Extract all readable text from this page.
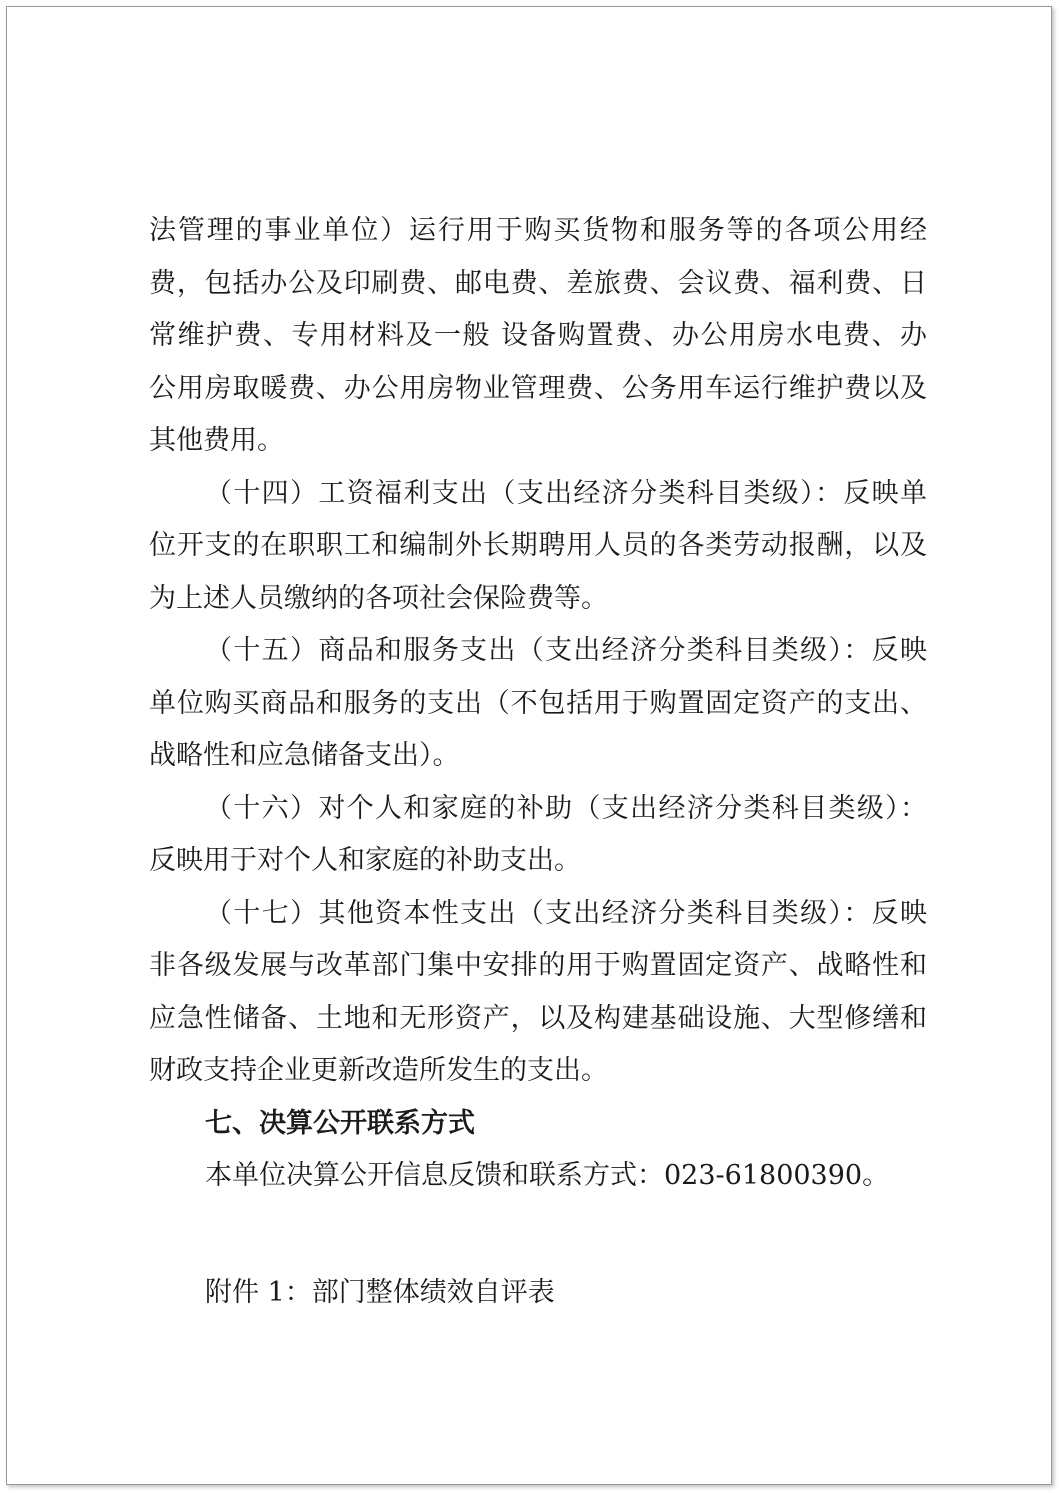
法管理的事业单位）运行用于购买货物和服务等的各项公用经
费，包括办公及印刷费、邮电费、差旅费、会议费、福利费、日
常维护费、专用材料及一般 设备购置费、办公用房水电费、办
公用房取暖费、办公用房物业管理费、公务用车运行维护费以及
其他费用。
（十四）工资福利支出（支出经济分类科目类级）：反映单
位开支的在职职工和编制外长期聘用人员的各类劳动报酬，以及
为上述人员缴纳的各项社会保险费等。
（十五）商品和服务支出（支出经济分类科目类级）：反映
单位购买商品和服务的支出（不包括用于购置固定资产的支出、
战略性和应急储备支出）。
（十六）对个人和家庭的补助（支出经济分类科目类级）：
反映用于对个人和家庭的补助支出。
（十七）其他资本性支出（支出经济分类科目类级）：反映
非各级发展与改革部门集中安排的用于购置固定资产、战略性和
应急性储备、土地和无形资产，以及构建基础设施、大型修缮和
财政支持企业更新改造所发生的支出。
七、决算公开联系方式
本单位决算公开信息反馈和联系方式：023-61800390。
附件 1：部门整体绩效自评表
